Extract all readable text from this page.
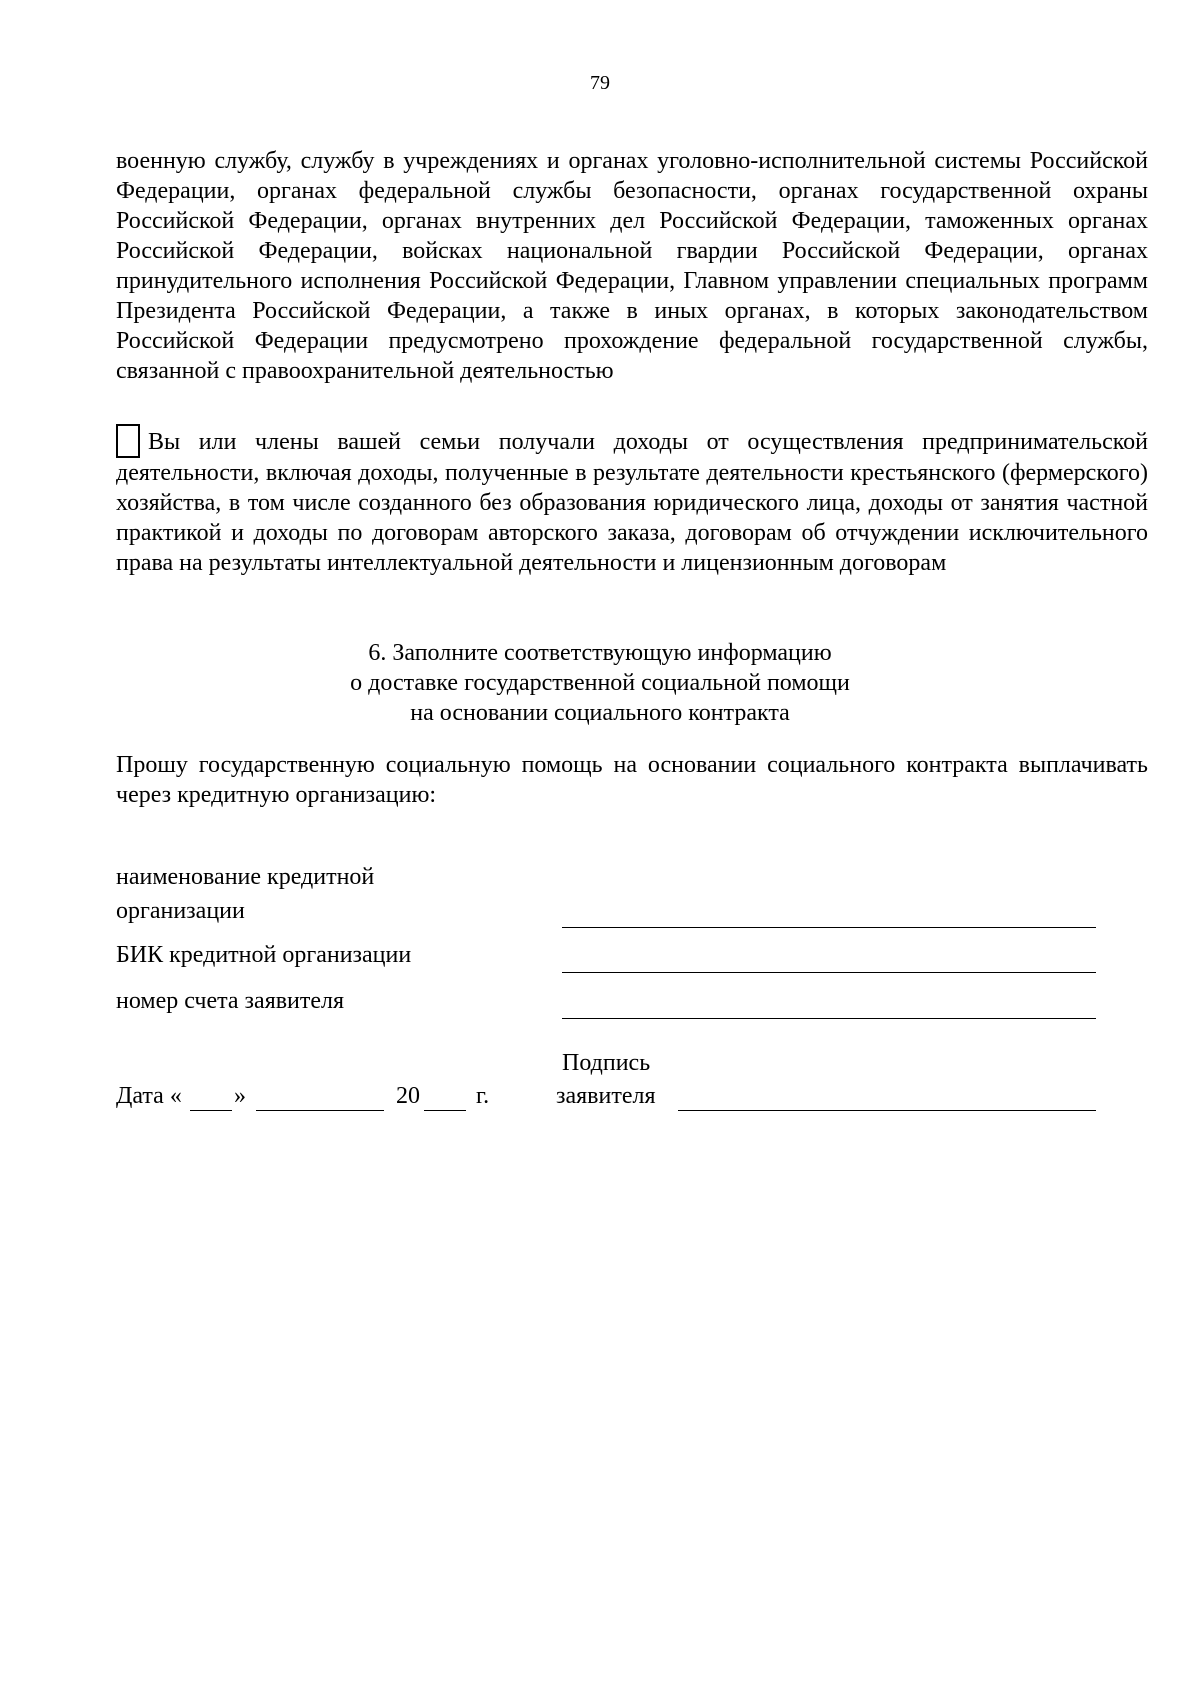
79
военную службу, службу в учреждениях и органах уголовно-исполнительной системы Российской Федерации, органах федеральной службы безопасности, органах государственной охраны Российской Федерации, органах внутренних дел Российской Федерации, таможенных органах Российской Федерации, войсках национальной гвардии Российской Федерации, органах принудительного исполнения Российской Федерации, Главном управлении специальных программ Президента Российской Федерации, а также в иных органах, в которых законодательством Российской Федерации предусмотрено прохождение федеральной государственной службы, связанной с правоохранительной деятельностью
Вы или члены вашей семьи получали доходы от осуществления предпринимательской деятельности, включая доходы, полученные в результате деятельности крестьянского (фермерского) хозяйства, в том числе созданного без образования юридического лица, доходы от занятия частной практикой и доходы по договорам авторского заказа, договорам об отчуждении исключительного права на результаты интеллектуальной деятельности и лицензионным договорам
6. Заполните соответствующую информацию
о доставке государственной социальной помощи
на основании социального контракта
Прошу государственную социальную помощь на основании социального контракта выплачивать через кредитную организацию:
наименование кредитной
организации
БИК кредитной организации
номер счета заявителя
Подпись
Дата « »	20 г.	заявителя
